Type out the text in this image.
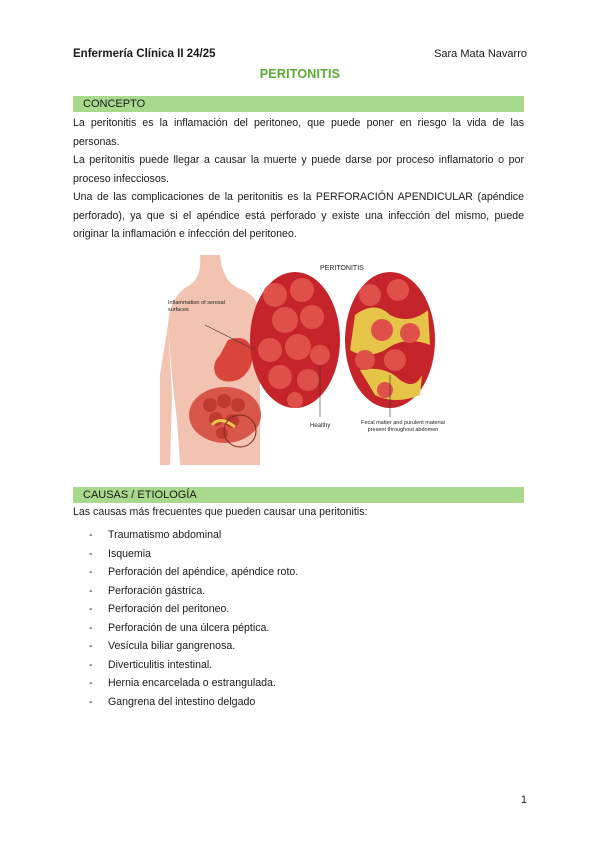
Enfermería Clínica II 24/25	Sara Mata Navarro
PERITONITIS
CONCEPTO
La peritonitis es la inflamación del peritoneo, que puede poner en riesgo la vida de las personas.
La peritonitis puede llegar a causar la muerte y puede darse por proceso inflamatorio o por proceso infecciosos.
Una de las complicaciones de la peritonitis es la PERFORACIÓN APENDICULAR (apéndice perforado), ya que si el apéndice está perforado y existe una infección del mismo, puede originar la inflamación e infección del peritoneo.
PERITONITIS
Inflammation of serosal surfaces
Healthy	Fecal matter and purulent material present throughout abdomen
CAUSAS / ETIOLOGÍA
Las causas más frecuentes que pueden causar una peritonitis:
- Traumatismo abdominal
- Isquemia
- Perforación del apéndice, apéndice roto.
- Perforación gástrica.
- Perforación del peritoneo.
- Perforación de una úlcera péptica.
- Vesícula biliar gangrenosa.
- Diverticulitis intestinal.
- Hernia encarcelada o estrangulada.
- Gangrena del intestino delgado
1
